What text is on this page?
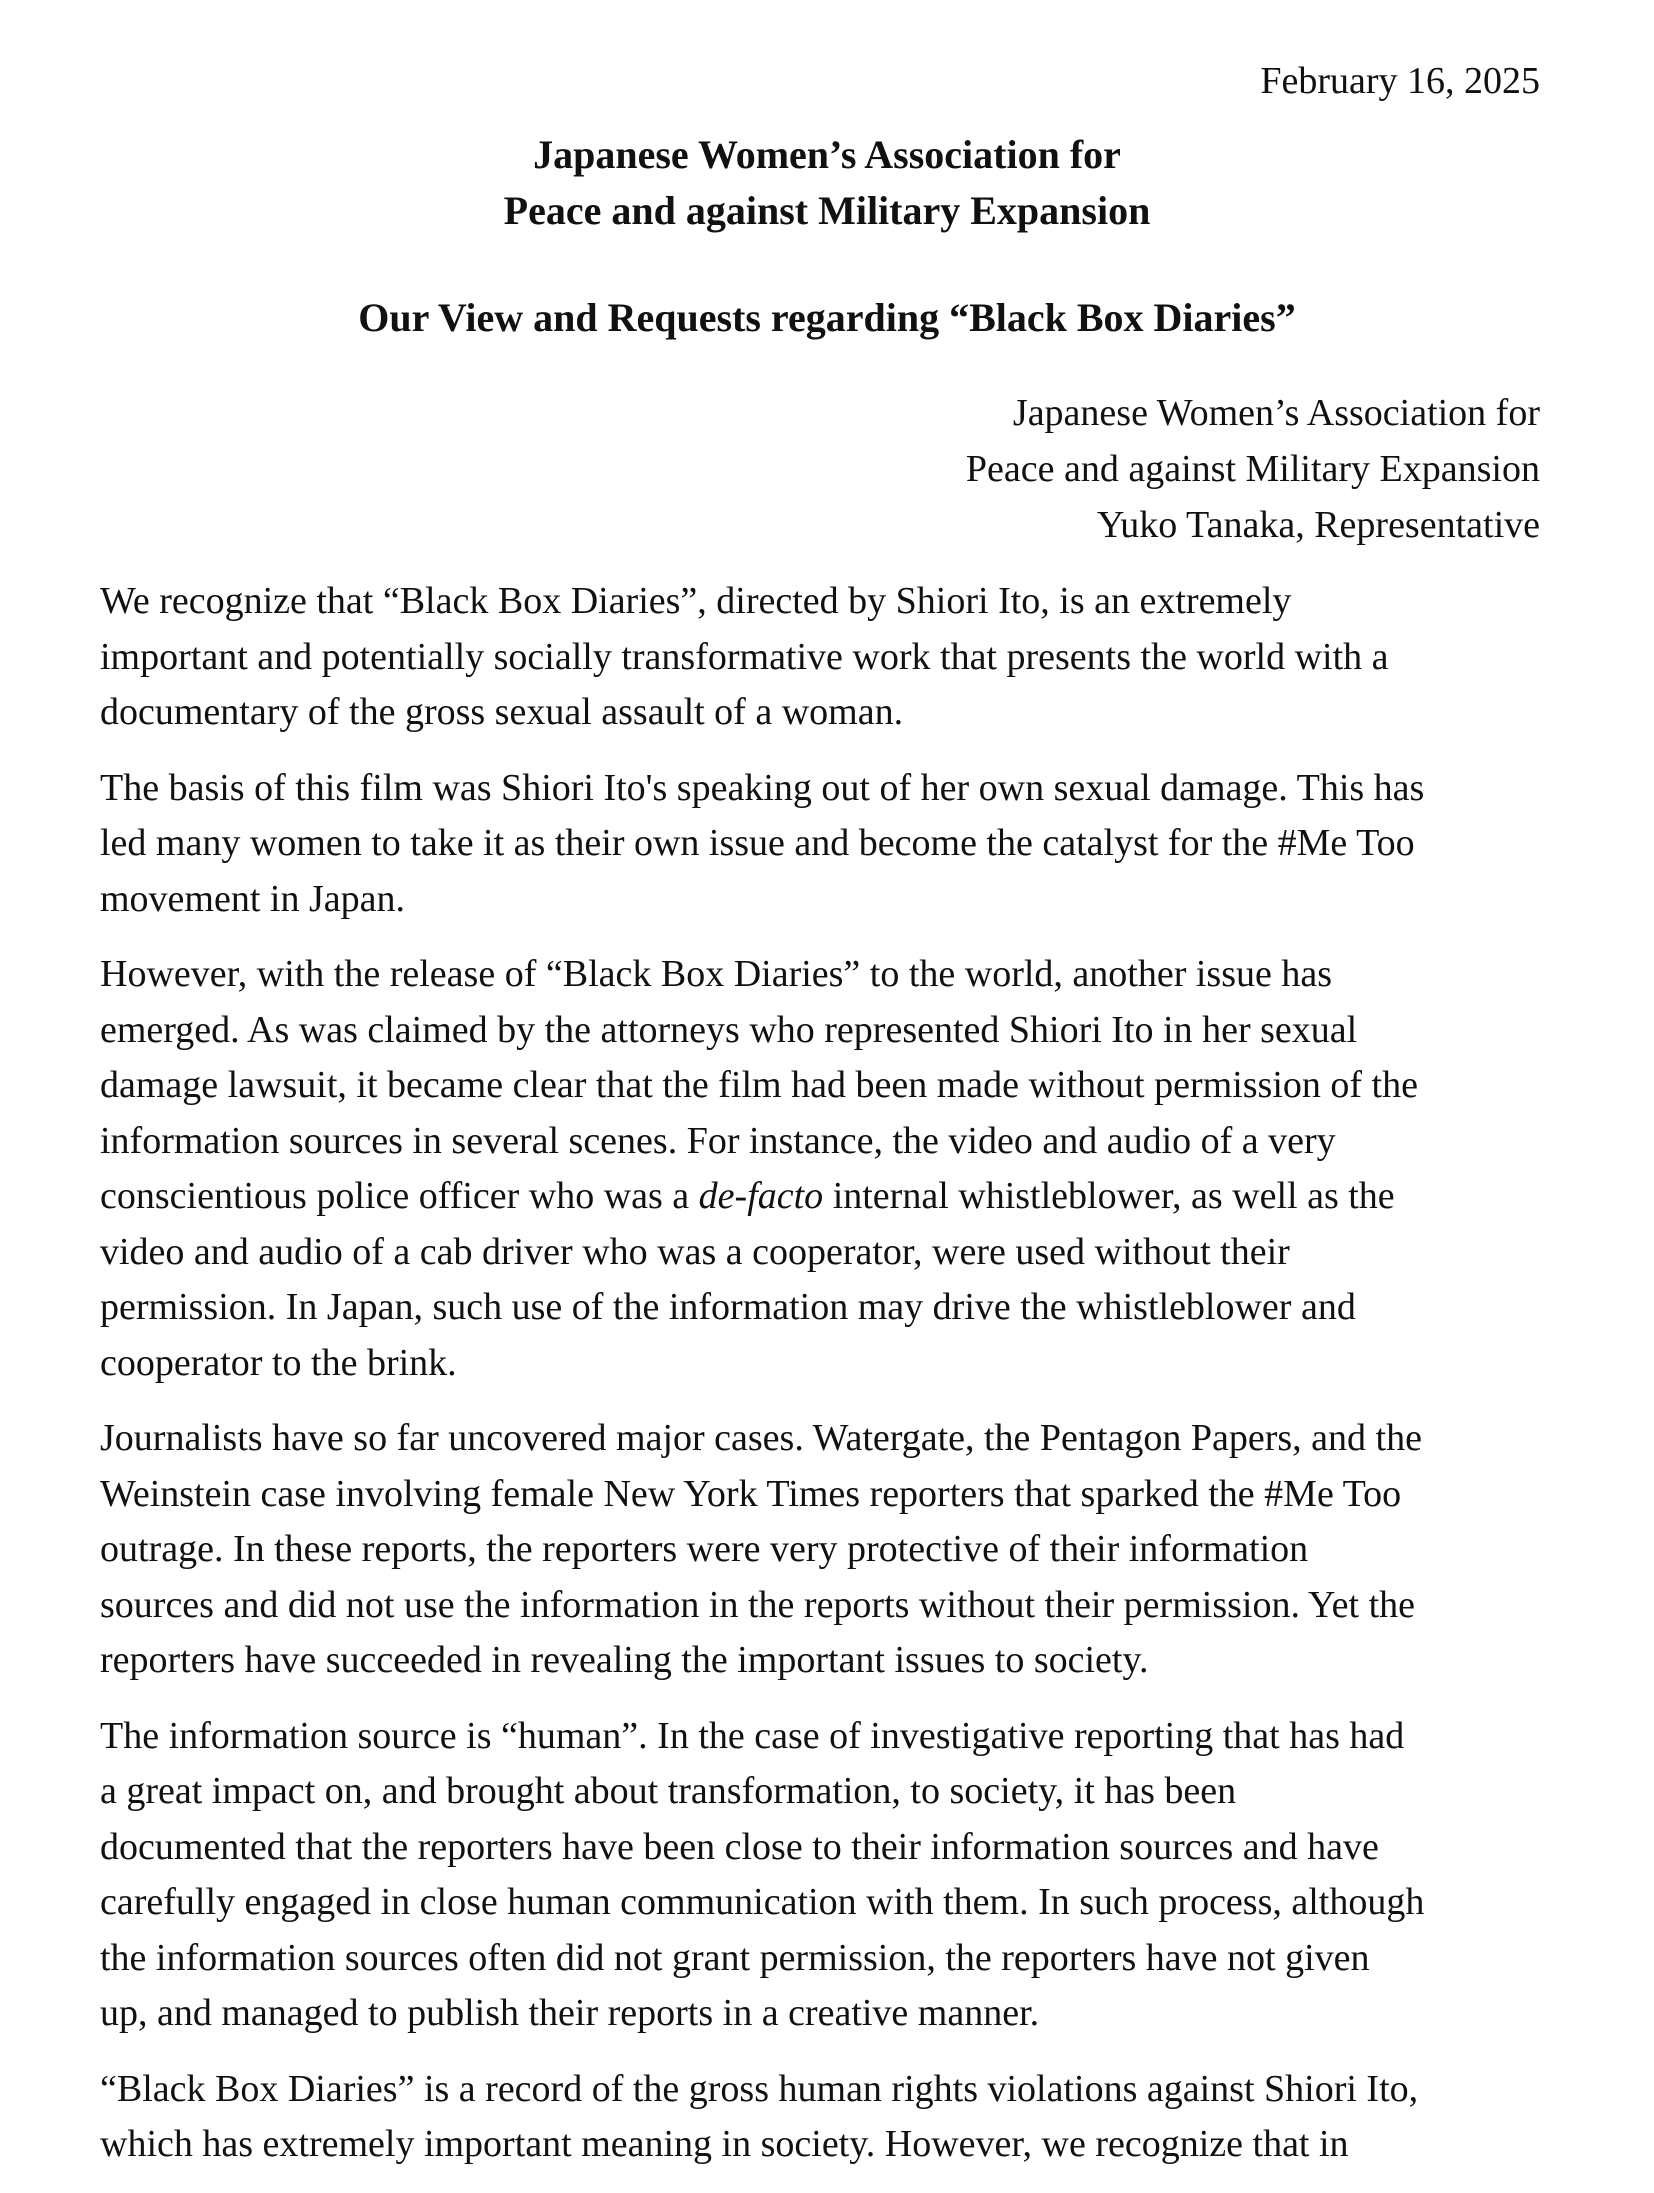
February 16, 2025
Japanese Women’s Association for
Peace and against Military Expansion
Our View and Requests regarding “Black Box Diaries”
Japanese Women’s Association for
Peace and against Military Expansion
Yuko Tanaka, Representative

We recognize that “Black Box Diaries”, directed by Shiori Ito, is an extremely
important and potentially socially transformative work that presents the world with a
documentary of the gross sexual assault of a woman.

The basis of this film was Shiori Ito's speaking out of her own sexual damage. This has
led many women to take it as their own issue and become the catalyst for the #Me Too
movement in Japan.

However, with the release of “Black Box Diaries” to the world, another issue has
emerged. As was claimed by the attorneys who represented Shiori Ito in her sexual
damage lawsuit, it became clear that the film had been made without permission of the
information sources in several scenes. For instance, the video and audio of a very
conscientious police officer who was a de-facto internal whistleblower, as well as the
video and audio of a cab driver who was a cooperator, were used without their
permission. In Japan, such use of the information may drive the whistleblower and
cooperator to the brink.

Journalists have so far uncovered major cases. Watergate, the Pentagon Papers, and the
Weinstein case involving female New York Times reporters that sparked the #Me Too
outrage. In these reports, the reporters were very protective of their information
sources and did not use the information in the reports without their permission. Yet the
reporters have succeeded in revealing the important issues to society.

The information source is “human”. In the case of investigative reporting that has had
a great impact on, and brought about transformation, to society, it has been
documented that the reporters have been close to their information sources and have
carefully engaged in close human communication with them. In such process, although
the information sources often did not grant permission, the reporters have not given
up, and managed to publish their reports in a creative manner.

“Black Box Diaries” is a record of the gross human rights violations against Shiori Ito,
which has extremely important meaning in society. However, we recognize that in
